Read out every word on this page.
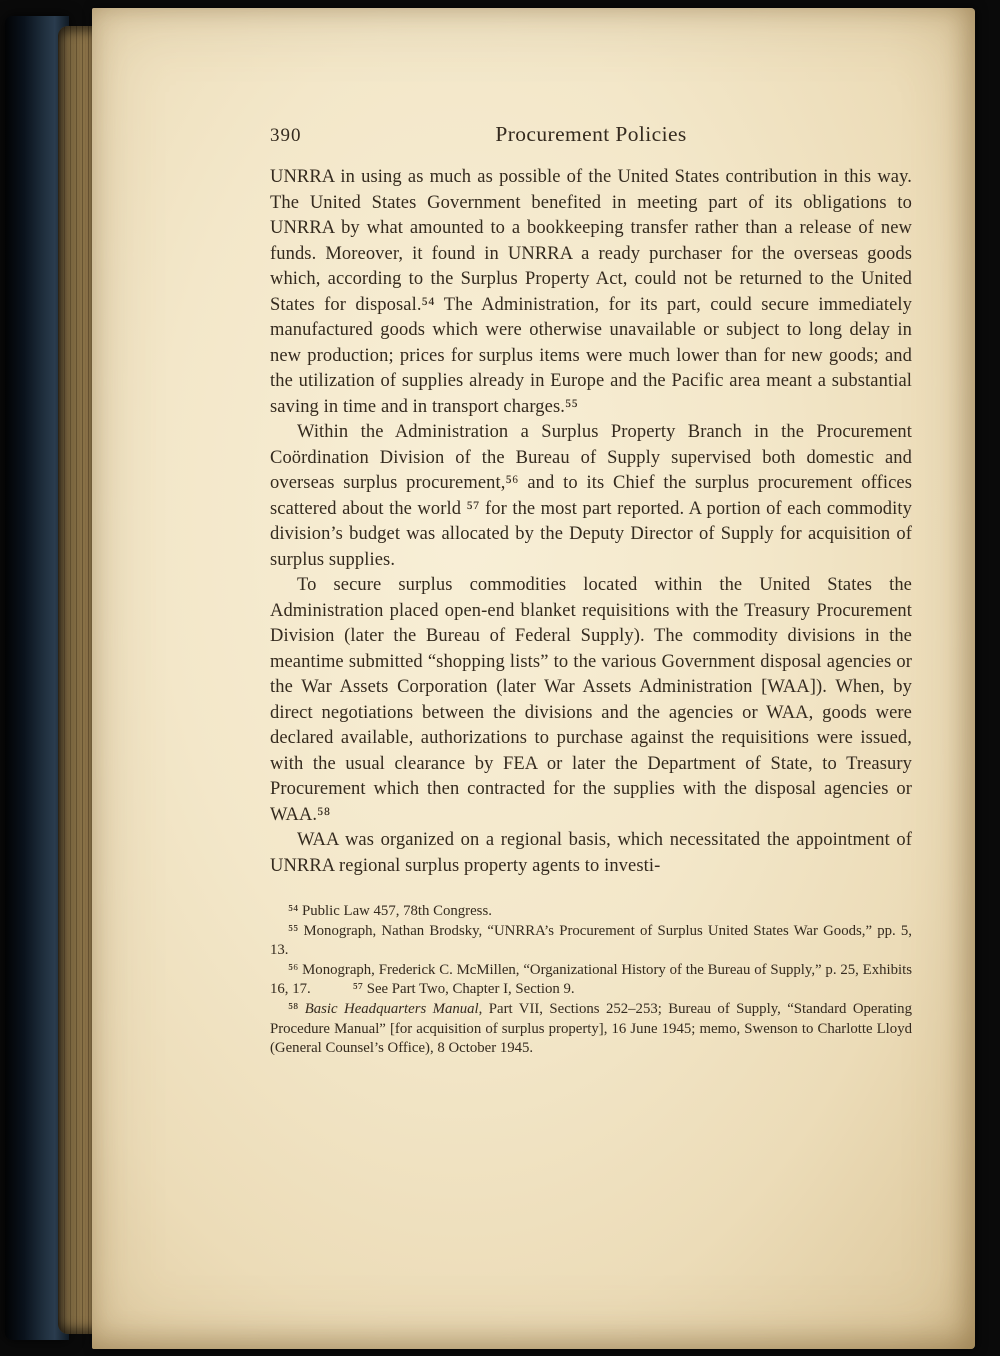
390	Procurement Policies

UNRRA in using as much as possible of the United States contribution in this way. The United States Government benefited in meeting part of its obligations to UNRRA by what amounted to a bookkeeping transfer rather than a release of new funds. Moreover, it found in UNRRA a ready purchaser for the overseas goods which, according to the Surplus Property Act, could not be returned to the United States for disposal.⁵⁴ The Administration, for its part, could secure immediately manufactured goods which were otherwise unavailable or subject to long delay in new production; prices for surplus items were much lower than for new goods; and the utilization of supplies already in Europe and the Pacific area meant a substantial saving in time and in transport charges.⁵⁵

Within the Administration a Surplus Property Branch in the Procurement Coördination Division of the Bureau of Supply supervised both domestic and overseas surplus procurement,⁵⁶ and to its Chief the surplus procurement offices scattered about the world ⁵⁷ for the most part reported. A portion of each commodity division’s budget was allocated by the Deputy Director of Supply for acquisition of surplus supplies.

To secure surplus commodities located within the United States the Administration placed open-end blanket requisitions with the Treasury Procurement Division (later the Bureau of Federal Supply). The commodity divisions in the meantime submitted “shopping lists” to the various Government disposal agencies or the War Assets Corporation (later War Assets Administration [WAA]). When, by direct negotiations between the divisions and the agencies or WAA, goods were declared available, authorizations to purchase against the requisitions were issued, with the usual clearance by FEA or later the Department of State, to Treasury Procurement which then contracted for the supplies with the disposal agencies or WAA.⁵⁸

WAA was organized on a regional basis, which necessitated the appointment of UNRRA regional surplus property agents to investi-

⁵⁴ Public Law 457, 78th Congress.

⁵⁵ Monograph, Nathan Brodsky, “UNRRA’s Procurement of Surplus United States War Goods,” pp. 5, 13.

⁵⁶ Monograph, Frederick C. McMillen, “Organizational History of the Bureau of Supply,” p. 25, Exhibits 16, 17.	⁵⁷ See Part Two, Chapter I, Section 9.

⁵⁸ Basic Headquarters Manual, Part VII, Sections 252–253; Bureau of Supply, “Standard Operating Procedure Manual” [for acquisition of surplus property], 16 June 1945; memo, Swenson to Charlotte Lloyd (General Counsel’s Office), 8 October 1945.
